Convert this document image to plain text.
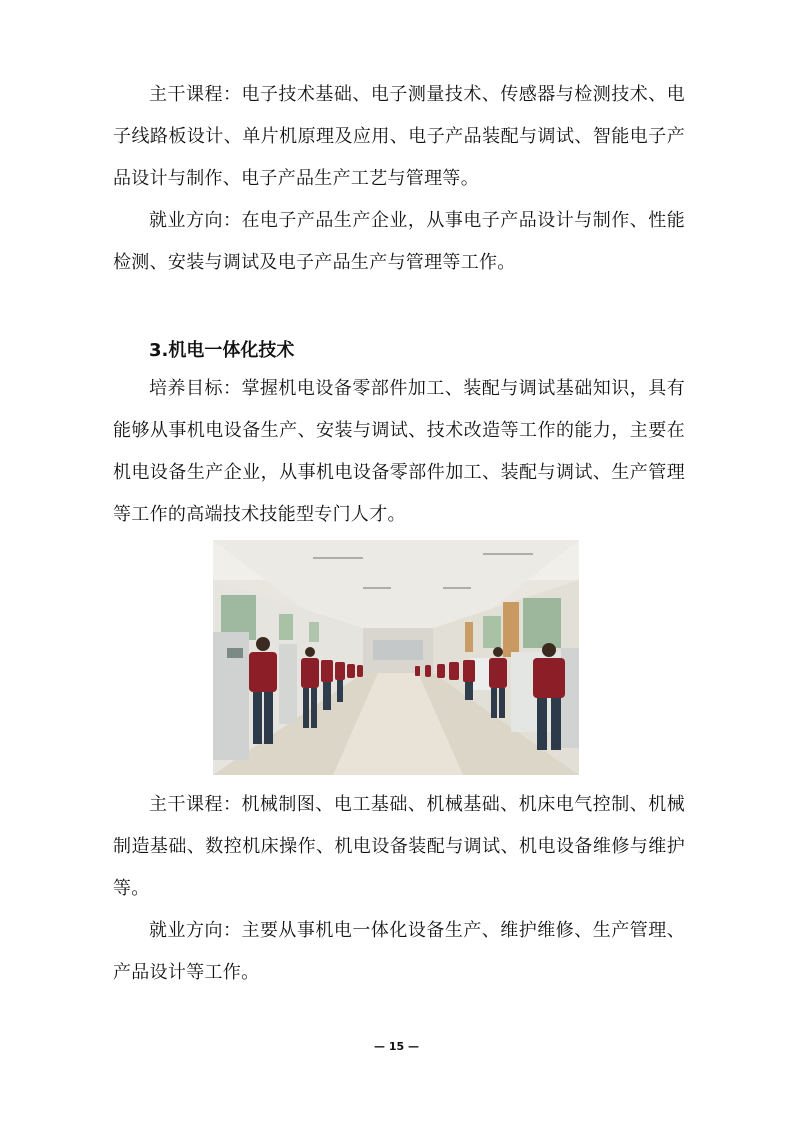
主干课程：电子技术基础、电子测量技术、传感器与检测技术、电子线路板设计、单片机原理及应用、电子产品装配与调试、智能电子产品设计与制作、电子产品生产工艺与管理等。

就业方向：在电子产品生产企业，从事电子产品设计与制作、性能检测、安装与调试及电子产品生产与管理等工作。

3.机电一体化技术

培养目标：掌握机电设备零部件加工、装配与调试基础知识，具有能够从事机电设备生产、安装与调试、技术改造等工作的能力，主要在机电设备生产企业，从事机电设备零部件加工、装配与调试、生产管理等工作的高端技术技能型专门人才。

主干课程：机械制图、电工基础、机械基础、机床电气控制、机械制造基础、数控机床操作、机电设备装配与调试、机电设备维修与维护等。

就业方向：主要从事机电一体化设备生产、维护维修、生产管理、产品设计等工作。

— 15 —
